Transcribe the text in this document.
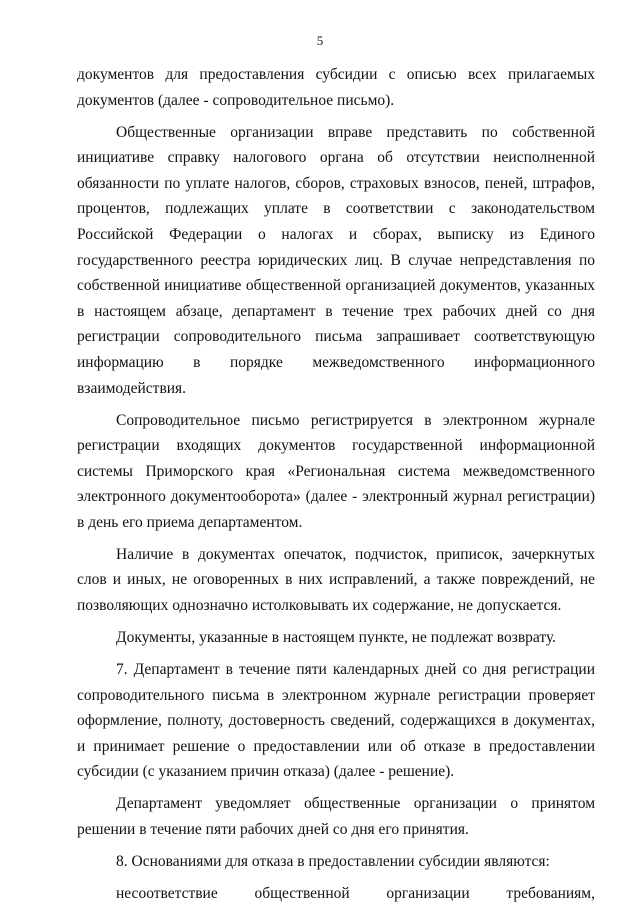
5

документов для предоставления субсидии с описью всех прилагаемых документов (далее - сопроводительное письмо).

Общественные организации вправе представить по собственной инициативе справку налогового органа об отсутствии неисполненной обязанности по уплате налогов, сборов, страховых взносов, пеней, штрафов, процентов, подлежащих уплате в соответствии с законодательством Российской Федерации о налогах и сборах, выписку из Единого государственного реестра юридических лиц. В случае непредставления по собственной инициативе общественной организацией документов, указанных в настоящем абзаце, департамент в течение трех рабочих дней со дня регистрации сопроводительного письма запрашивает соответствующую информацию в порядке межведомственного информационного взаимодействия.

Сопроводительное письмо регистрируется в электронном журнале регистрации входящих документов государственной информационной системы Приморского края «Региональная система межведомственного электронного документооборота» (далее - электронный журнал регистрации) в день его приема департаментом.

Наличие в документах опечаток, подчисток, приписок, зачеркнутых слов и иных, не оговоренных в них исправлений, а также повреждений, не позволяющих однозначно истолковывать их содержание, не допускается.

Документы, указанные в настоящем пункте, не подлежат возврату.

7. Департамент в течение пяти календарных дней со дня регистрации сопроводительного письма в электронном журнале регистрации проверяет оформление, полноту, достоверность сведений, содержащихся в документах, и принимает решение о предоставлении или об отказе в предоставлении субсидии (с указанием причин отказа) (далее - решение).

Департамент уведомляет общественные организации о принятом решении в течение пяти рабочих дней со дня его принятия.

8. Основаниями для отказа в предоставлении субсидии являются:

несоответствие общественной организации требованиям,
